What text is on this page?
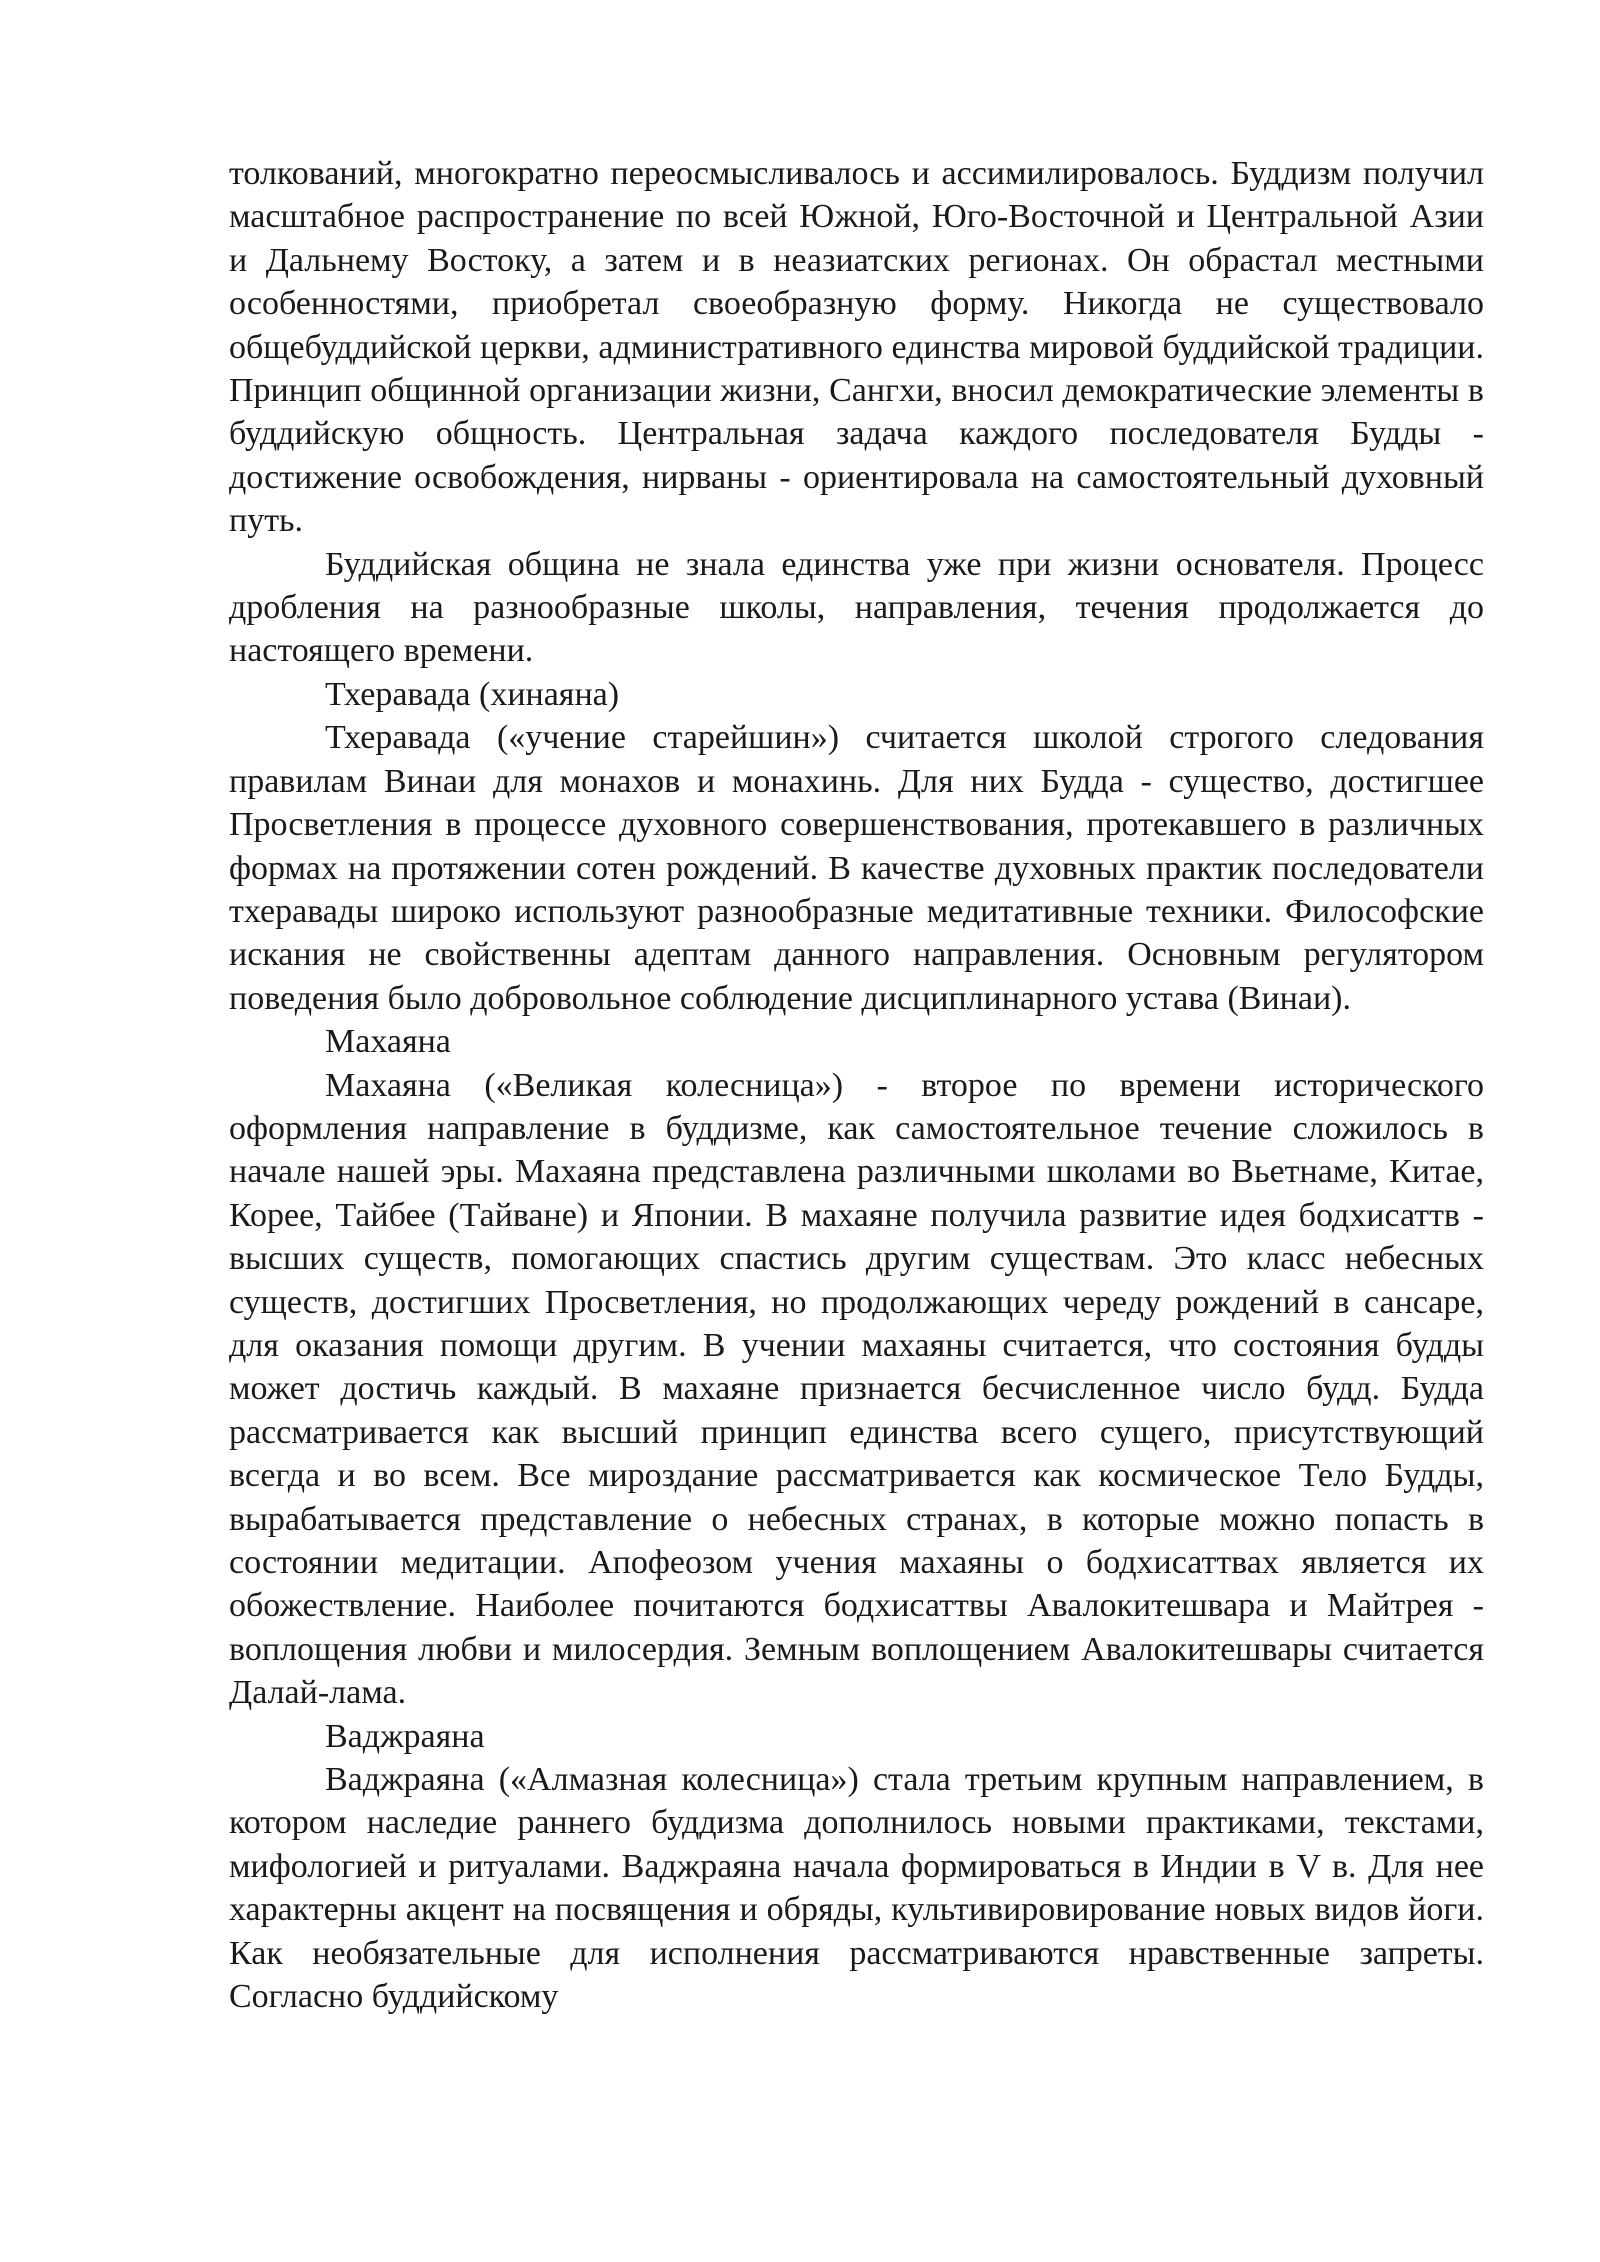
толкований, многократно переосмысливалось и ассимилировалось. Буддизм получил масштабное распространение по всей Южной, Юго-Восточной и Центральной Азии и Дальнему Востоку, а затем и в неазиатских регионах. Он обрастал местными особенностями, приобретал своеобразную форму. Никогда не существовало общебуддийской церкви, административного единства мировой буддийской традиции. Принцип общинной организации жизни, Сангхи, вносил демократические элементы в буддийскую общность. Центральная задача каждого последователя Будды - достижение освобождения, нирваны - ориентировала на самостоятельный духовный путь.

Буддийская община не знала единства уже при жизни основателя. Процесс дробления на разнообразные школы, направления, течения продолжается до настоящего времени.

Тхеравада (хинаяна)

Тхеравада («учение старейшин») считается школой строгого следования правилам Винаи для монахов и монахинь. Для них Будда - существо, достигшее Просветления в процессе духовного совершенствования, протекавшего в различных формах на протяжении сотен рождений. В качестве духовных практик последователи тхеравады широко используют разнообразные медитативные техники. Философские искания не свойственны адептам данного направления. Основным регулятором поведения было добровольное соблюдение дисциплинарного устава (Винаи).

Махаяна

Махаяна («Великая колесница») - второе по времени исторического оформления направление в буддизме, как самостоятельное течение сложилось в начале нашей эры. Махаяна представлена различными школами во Вьетнаме, Китае, Корее, Тайбее (Тайване) и Японии. В махаяне получила развитие идея бодхисаттв - высших существ, помогающих спастись другим существам. Это класс небесных существ, достигших Просветления, но продолжающих череду рождений в сансаре, для оказания помощи другим. В учении махаяны считается, что состояния будды может достичь каждый. В махаяне признается бесчисленное число будд. Будда рассматривается как высший принцип единства всего сущего, присутствующий всегда и во всем. Все мироздание рассматривается как космическое Тело Будды, вырабатывается представление о небесных странах, в которые можно попасть в состоянии медитации. Апофеозом учения махаяны о бодхисаттвах является их обожествление. Наиболее почитаются бодхисаттвы Авалокитешвара и Майтрея - воплощения любви и милосердия. Земным воплощением Авалокитешвары считается Далай-лама.

Ваджраяна

Ваджраяна («Алмазная колесница») стала третьим крупным направлением, в котором наследие раннего буддизма дополнилось новыми практиками, текстами, мифологией и ритуалами. Ваджраяна начала формироваться в Индии в V в. Для нее характерны акцент на посвящения и обряды, культивировирование новых видов йоги. Как необязательные для исполнения рассматриваются нравственные запреты. Согласно буддийскому
